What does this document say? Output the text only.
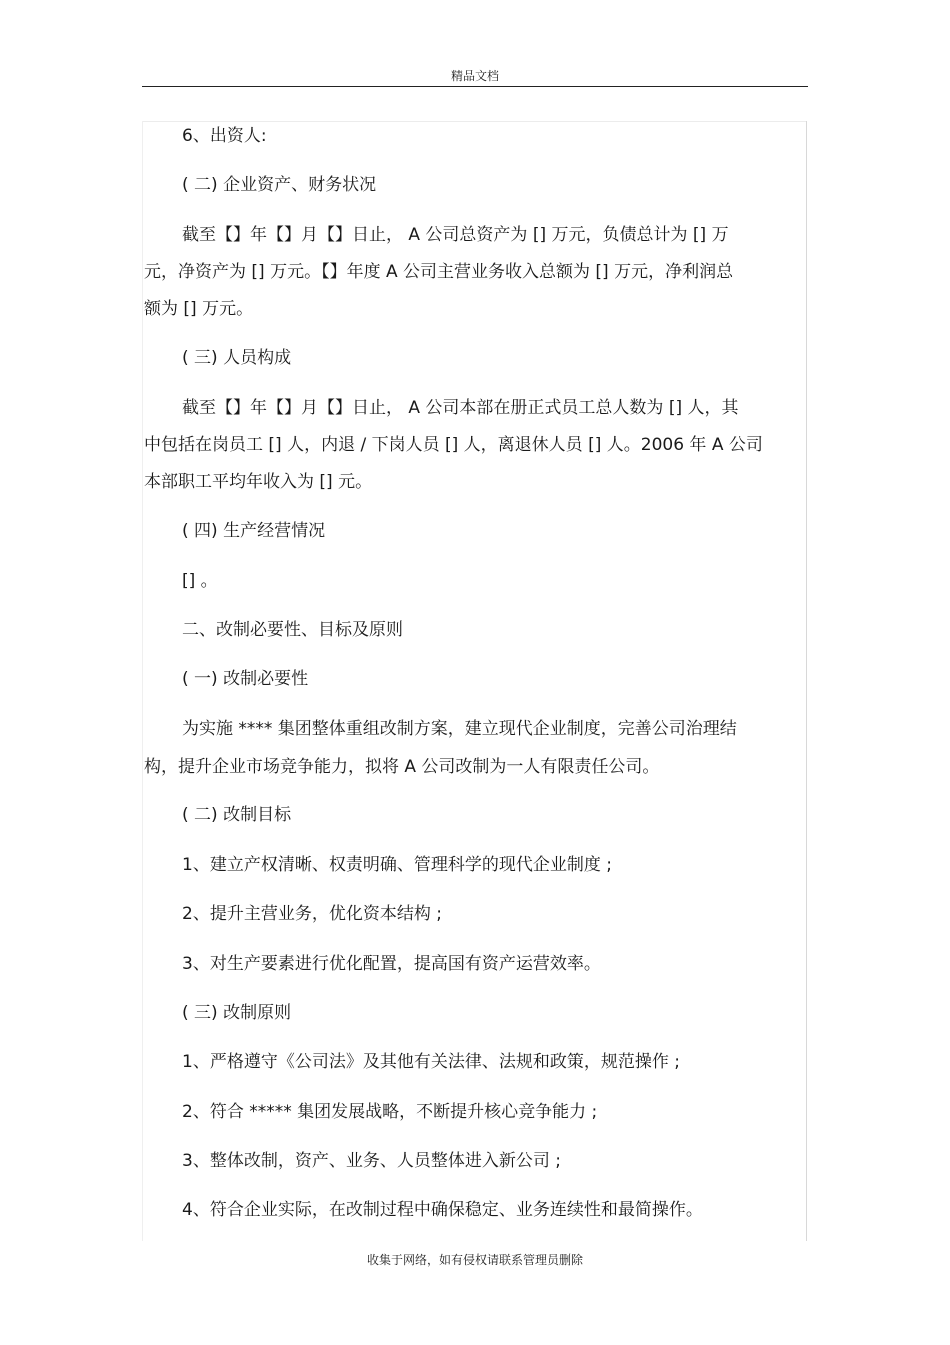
精品文档
6、出资人:
( 二) 企业资产、财务状况
截至【】年【】月【】日止， A 公司总资产为 [] 万元，负债总计为 [] 万
元，净资产为 [] 万元。【】年度 A 公司主营业务收入总额为 [] 万元，净利润总
额为 [] 万元。
( 三) 人员构成
截至【】年【】月【】日止， A 公司本部在册正式员工总人数为 [] 人，其
中包括在岗员工 [] 人，内退 / 下岗人员 [] 人，离退休人员 [] 人。2006 年 A 公司
本部职工平均年收入为 [] 元。
( 四) 生产经营情况
[] 。
二、改制必要性、目标及原则
( 一) 改制必要性
为实施 **** 集团整体重组改制方案，建立现代企业制度，完善公司治理结
构，提升企业市场竞争能力，拟将 A 公司改制为一人有限责任公司。
( 二) 改制目标
1、建立产权清晰、权责明确、管理科学的现代企业制度 ;
2、提升主营业务，优化资本结构 ;
3、对生产要素进行优化配置，提高国有资产运营效率。
( 三) 改制原则
1、严格遵守《公司法》及其他有关法律、法规和政策，规范操作 ;
2、符合 ***** 集团发展战略，不断提升核心竞争能力 ;
3、整体改制，资产、业务、人员整体进入新公司 ;
4、符合企业实际，在改制过程中确保稳定、业务连续性和最简操作。
收集于网络，如有侵权请联系管理员删除
